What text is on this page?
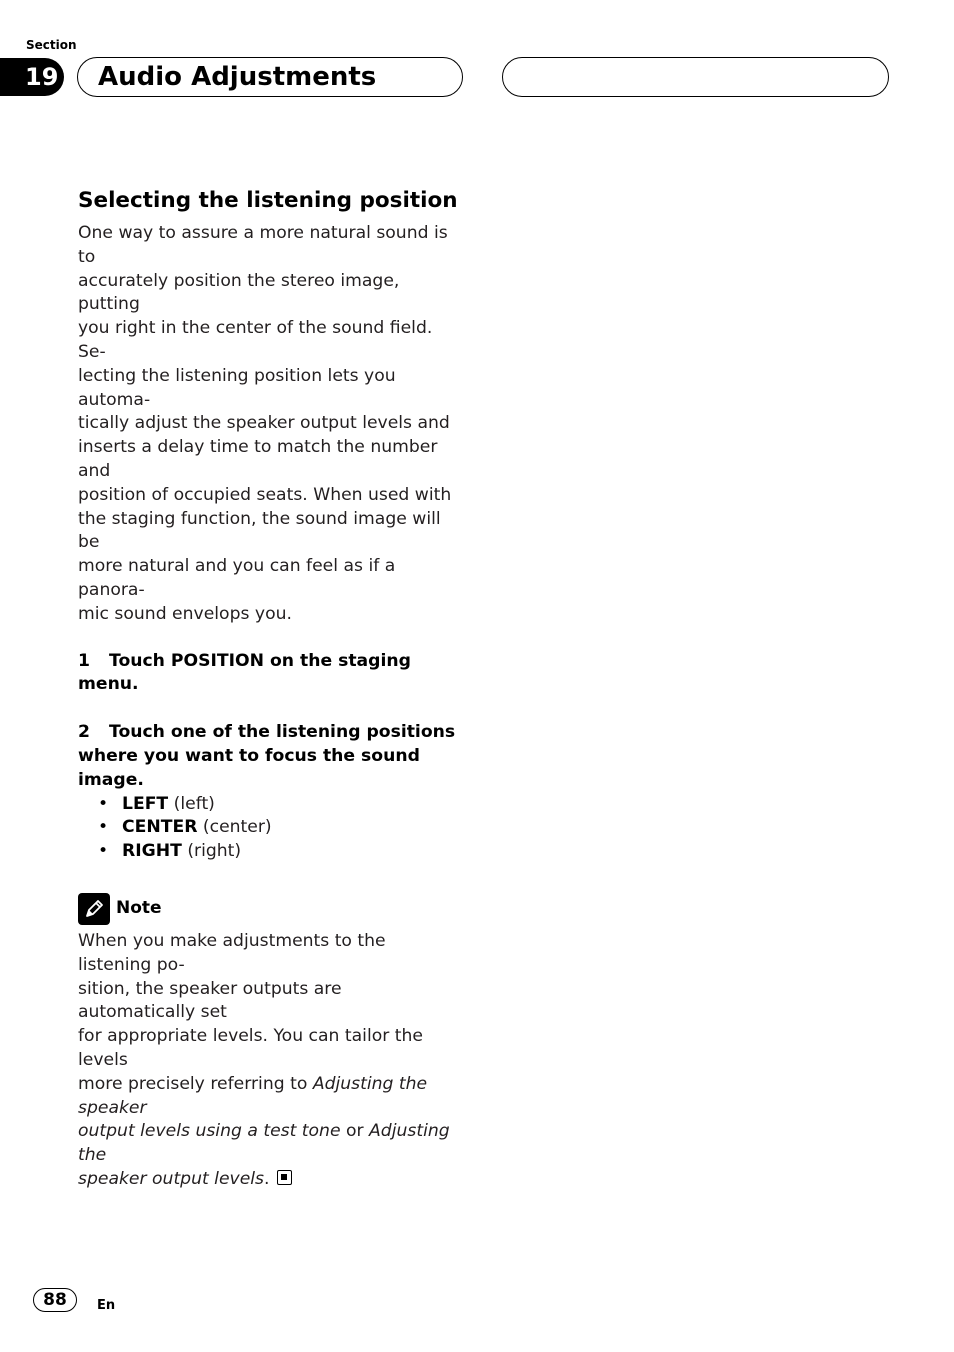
Section
19 Audio Adjustments
Selecting the listening position

One way to assure a more natural sound is to
accurately position the stereo image, putting
you right in the center of the sound field. Se-
lecting the listening position lets you automa-
tically adjust the speaker output levels and
inserts a delay time to match the number and
position of occupied seats. When used with
the staging function, the sound image will be
more natural and you can feel as if a panora-
mic sound envelops you.

1 Touch POSITION on the staging menu.

2 Touch one of the listening positions
where you want to focus the sound image.

• LEFT (left)
• CENTER (center)
• RIGHT (right)
Note

When you make adjustments to the listening po-
sition, the speaker outputs are automatically set
for appropriate levels. You can tailor the levels
more precisely referring to Adjusting the speaker
output levels using a test tone or Adjusting the
speaker output levels.

88	En
